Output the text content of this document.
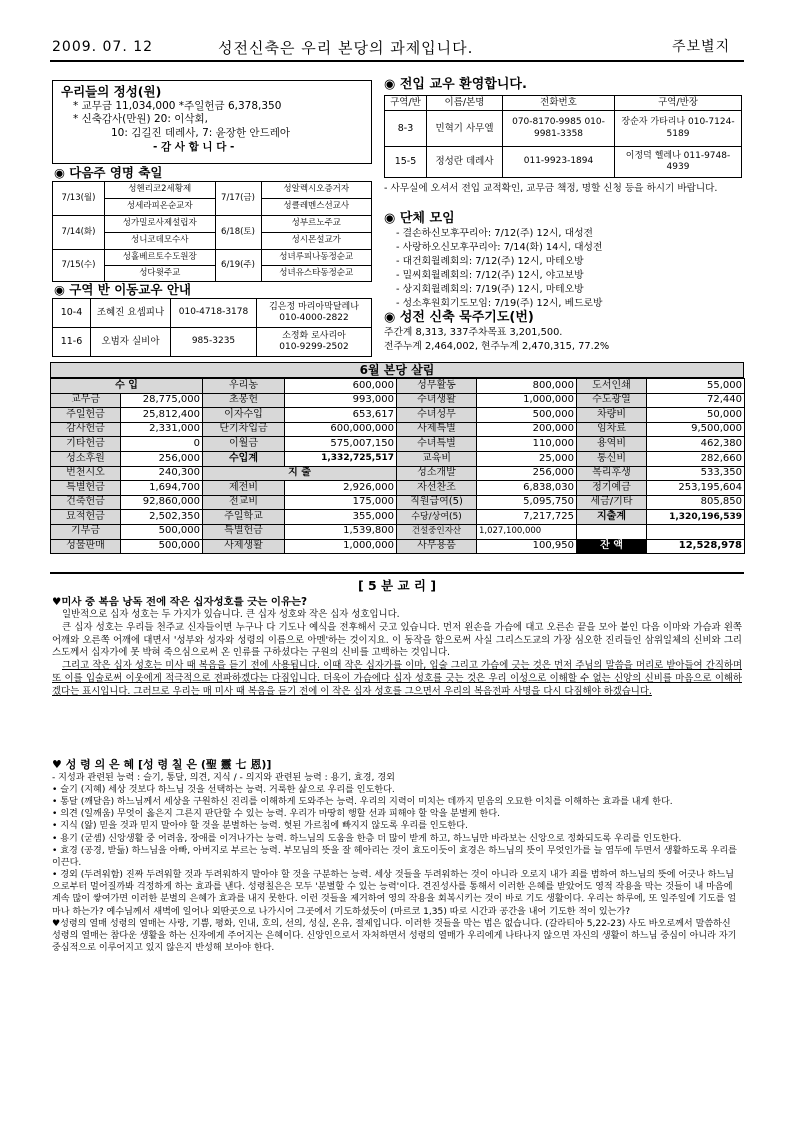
2009. 07. 12	성전신축은 우리 본당의 과제입니다.	주보별지
우리들의 정성(원)
* 교무금 11,034,000 *주일헌금 6,378,350
* 신축감사(만원) 20: 이삭회,
10: 김길진 데레사, 7: 윤장한 안드레아
- 감 사 합 니 다 -
◉ 다음주 영명 축일
7/13(월)	성헨리코2세황제	7/17(금)	성알렉시오증거자
	성세라피온순교자		성클레멘스선교사
7/14(화)	성가밀로사제설립자	6/18(토)	성부르노주교
	성니코데모수사		성시몬설교가
7/15(수)	성홀베르토수도원장	6/19(주)	성녀루피나동정순교
	성다윗주교		성녀유스타동정순교
◉ 구역 반 이동교우 안내
10-4	조혜진 요셉피나	010-4718-3178	김은정 마리아막달레나
010-4000-2822

11-6	오범자 실비아	985-3235	소정화 로사리아
010-9299-2502
◉ 전입 교우 환영합니다.
구역/반	이름/본명	전화번호	구역/반장
8-3	민혁기 사무엘	070-8170-9985 010-9981-3358	장순자 가타리나 010-7124-5189
15-5	정성란 데레사	011-9923-1894	이정덕 헬레나 011-9748-4939
- 사무실에 오셔서 전입 교적확인, 교무금 책정, 명할 신청 등을 하시기 바랍니다.
◉ 단체 모임
- 결손하신모후꾸리아: 7/12(주) 12시, 대성전
- 사랑하오신모후꾸리아: 7/14(화) 14시, 대성전
- 대건회월례회의: 7/12(주) 12시, 마테오방
- 밀씨회월례회의: 7/12(주) 12시, 야고보방
- 상지회월례회의: 7/19(주) 12시, 마테오방
- 성소후원회기도모임: 7/19(주) 12시, 베드로방
◉ 성전 신축 묵주기도(번)
주간계 8,313, 337주차목표 3,201,500.
전주누계 2,464,002, 현주누계 2,470,315, 77.2%
6월 본당 살림
수 입		우리농	600,000	성무활동	800,000	도서인쇄	55,000
교무금	28,775,000	초봉헌	993,000	수녀생활	1,000,000	수도광열	72,440
주일헌금	25,812,400	이자수입	653,617	수녀성무	500,000	차량비	50,000
감사헌금	2,331,000	단기차입금	600,000,000	사제특별	200,000	임차료	9,500,000
기타헌금	0	이월금	575,007,150	수녀특별	110,000	용역비	462,380
성소후원	256,000	수입계	1,332,725,517	교육비	25,000	통신비	282,660
번천시오	240,300	지 출		성소개발	256,000	복리후생	533,350
특별헌금	1,694,700	제전비	2,926,000	자선찬조	6,838,030	정기예금	253,195,604
건축헌금	92,860,000	전교비	175,000	직원급여(5)	5,095,750	세금/기타	805,850
묘적헌금	2,502,350	주일학교	355,000	수당/상여(5)	7,217,725	지출계	1,320,196,539
기부금	500,000	특별헌금	1,539,800	건설중인자산	1,027,100,000		
성물판매	500,000	사제생활	1,000,000	사무용품	100,950	잔 액	12,528,978
[ 5 분 교 리 ]
♥미사 중 복음 낭독 전에 작은 십자성호를 긋는 이유는?
일반적으로 십자 성호는 두 가지가 있습니다. 큰 십자 성호와 작은 십자 성호입니다.
큰 십자 성호는 우리들 천주교 신자들이면 누구나 다 기도나 예식을 전후해서 긋고 있습니다. 먼저 왼손을 가슴에 대고 오른손 끝을 모아 붙인 다음 이마와 가슴과 왼쪽 어깨와 오른쪽 어깨에 대면서 '성부와 성자와 성령의 이름으로 아멘'하는 것이지요. 이 동작을 함으로써 사실 그리스도교의 가장 심오한 진리들인 삼위일체의 신비와 그리스도께서 십자가에 못 박혀 죽으심으로써 온 인류를 구하셨다는 구원의 신비를 고백하는 것입니다.
그리고 작은 십자 성호는 미사 때 복음을 듣기 전에 사용됩니다. 이때 작은 십자가를 이마, 입술 그리고 가슴에 긋는 것은 먼저 주님의 말씀을 머리로 받아들여 간직하며 또 이를 입술로써 이웃에게 적극적으로 전파하겠다는 다짐입니다. 더욱이 가슴에다 십자 성호를 긋는 것은 우리 이성으로 이해할 수 없는 신앙의 신비를 마음으로 이해하겠다는 표시입니다. 그러므로 우리는 매 미사 때 복음을 듣기 전에 이 작은 십자 성호를 그으면서 우리의 복음전파 사명을 다시 다짐해야 하겠습니다.
♥ 성 령 의 은 혜 [성 령 칠 은 (聖 靈 七 恩)]
- 지성과 관련된 능력 : 슬기, 통달, 의견, 지식 / - 의지와 관련된 능력 : 용기, 효경, 경외
• 슬기 (지혜) 세상 것보다 하느님 것을 선택하는 능력. 거룩한 삶으로 우리를 인도한다.
• 통달 (깨달음) 하느님께서 세상을 구원하신 진리를 이해하게 도와주는 능력. 우리의 지력이 미치는 데까지 믿음의 오묘한 이치를 이해하는 효과를 내게 한다.
• 의견 (일깨움) 무엇이 옳은지 그른지 판단할 수 있는 능력. 우리가 마땅히 행할 선과 피해야 할 악을 분별케 한다.
• 지식 (앎) 믿을 것과 믿지 말아야 할 것을 분별하는 능력. 헛된 가르침에 빠지지 않도록 우리를 인도한다.
• 용기 (굳셈) 신앙생활 중 어려움, 장애를 이겨나가는 능력. 하느님의 도움을 한층 더 많이 받게 하고, 하느님만 바라보는 신앙으로 정화되도록 우리를 인도한다.
• 효경 (공경, 받듦) 하느님을 아빠, 아버지로 부르는 능력. 부모님의 뜻을 잘 헤아리는 것이 효도이듯이 효경은 하느님의 뜻이 무엇인가를 늘 염두에 두면서 생활하도록 우리를 이끈다.
• 경외 (두려워함) 진짜 두려워할 것과 두려워하지 말아야 할 것을 구분하는 능력. 세상 것들을 두려워하는 것이 아니라 오로지 내가 죄를 범하여 하느님의 뜻에 어긋나 하느님으로부터 멀어질까봐 걱정하게 하는 효과를 낸다. 성령칠은은 모두 '분별할 수 있는 능력'이다. 견진성사를 통해서 이러한 은혜를 받았어도 영적 작용을 막는 것들이 내 마음에 계속 많이 쌓여가면 이러한 분별의 은혜가 효과를 내지 못한다. 이런 것들을 제거하여 영의 작용을 회복시키는 것이 바로 기도 생활이다. 우리는 하루에, 또 일주일에 기도를 얼마나 하는가? 예수님께서 새벽에 일어나 외딴곳으로 나가시어 그곳에서 기도하셨듯이 (마르코 1,35) 따로 시간과 공간을 내어 기도한 적이 있는가?
♥성령의 열매 성령의 열매는 사랑, 기쁨, 평화, 인내, 호의, 선의, 성실, 온유, 절제입니다. 이러한 것들을 막는 법은 없습니다. (갈라티아 5,22-23) 사도 바오로께서 말씀하신 성령의 열매는 참다운 생활을 하는 신자에게 주어지는 은혜이다. 신앙인으로서 자처하면서 성령의 열매가 우리에게 나타나지 않으면 자신의 생활이 하느님 중심이 아니라 자기 중심적으로 이루어지고 있지 않은지 반성해 보아야 한다.
